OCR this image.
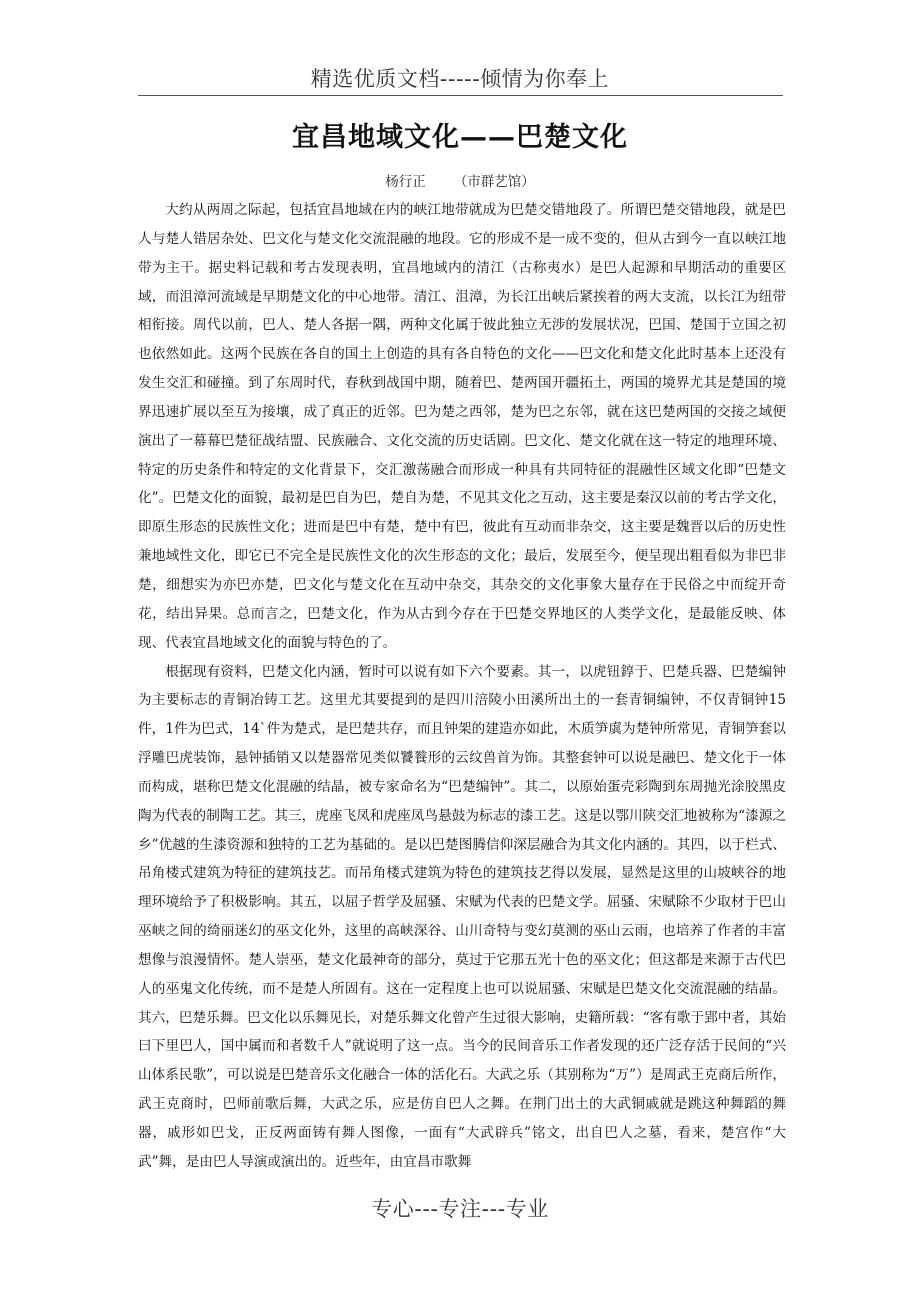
精选优质文档-----倾情为你奉上
宜昌地域文化——巴楚文化
杨行正 （市群艺馆）

大约从两周之际起，包括宜昌地域在内的峡江地带就成为巴楚交错地段了。所谓巴楚交错地段，就是巴人与楚人错居杂处、巴文化与楚文化交流混融的地段。它的形成不是一成不变的，但从古到今一直以峡江地带为主干。据史料记载和考古发现表明，宜昌地域内的清江（古称夷水）是巴人起源和早期活动的重要区域，而沮漳河流域是早期楚文化的中心地带。清江、沮漳，为长江出峡后紧挨着的两大支流，以长江为纽带相衔接。周代以前，巴人、楚人各据一隅，两种文化属于彼此独立无涉的发展状况，巴国、楚国于立国之初也依然如此。这两个民族在各自的国土上创造的具有各自特色的文化——巴文化和楚文化此时基本上还没有发生交汇和碰撞。到了东周时代，春秋到战国中期，随着巴、楚两国开疆拓土，两国的境界尤其是楚国的境界迅速扩展以至互为接壤，成了真正的近邻。巴为楚之西邻，楚为巴之东邻，就在这巴楚两国的交接之域便演出了一幕幕巴楚征战结盟、民族融合、文化交流的历史话剧。巴文化、楚文化就在这一特定的地理环境、特定的历史条件和特定的文化背景下，交汇激荡融合而形成一种具有共同特征的混融性区域文化即“巴楚文化”。巴楚文化的面貌，最初是巴自为巴，楚自为楚，不见其文化之互动，这主要是秦汉以前的考古学文化，即原生形态的民族性文化；进而是巴中有楚，楚中有巴，彼此有互动而非杂交，这主要是魏晋以后的历史性兼地域性文化，即它已不完全是民族性文化的次生形态的文化；最后，发展至今，便呈现出粗看似为非巴非楚，细想实为亦巴亦楚，巴文化与楚文化在互动中杂交，其杂交的文化事象大量存在于民俗之中而绽开奇花，结出异果。总而言之，巴楚文化，作为从古到今存在于巴楚交界地区的人类学文化，是最能反映、体现、代表宜昌地域文化的面貌与特色的了。

根据现有资料，巴楚文化内涵，暂时可以说有如下六个要素。其一，以虎钮錞于、巴楚兵器、巴楚编钟为主要标志的青铜冶铸工艺。这里尤其要提到的是四川涪陵小田溪所出土的一套青铜编钟，不仅青铜钟15件，1件为巴式，14`件为楚式，是巴楚共存，而且钟架的建造亦如此，木质笋虡为楚钟所常见，青铜笋套以浮雕巴虎装饰，悬钟插销又以楚器常见类似饕餮形的云纹兽首为饰。其整套钟可以说是融巴、楚文化于一体而构成，堪称巴楚文化混融的结晶，被专家命名为“巴楚编钟”。其二，以原始蛋壳彩陶到东周抛光涂胶黑皮陶为代表的制陶工艺。其三，虎座飞凤和虎座凤鸟悬鼓为标志的漆工艺。这是以鄂川陕交汇地被称为“漆源之乡”优越的生漆资源和独特的工艺为基础的。是以巴楚图腾信仰深层融合为其文化内涵的。其四，以于栏式、吊角楼式建筑为特征的建筑技艺。而吊角楼式建筑为特色的建筑技艺得以发展，显然是这里的山坡峡谷的地理环境给予了积极影响。其五，以屈子哲学及屈骚、宋赋为代表的巴楚文学。屈骚、宋赋除不少取材于巴山巫峡之间的绮丽迷幻的巫文化外，这里的高峡深谷、山川奇特与变幻莫测的巫山云雨，也培养了作者的丰富想像与浪漫情怀。楚人崇巫，楚文化最神奇的部分，莫过于它那五光十色的巫文化；但这都是来源于古代巴人的巫鬼文化传统，而不是楚人所固有。这在一定程度上也可以说屈骚、宋赋是巴楚文化交流混融的结晶。其六，巴楚乐舞。巴文化以乐舞见长，对楚乐舞文化曾产生过很大影响，史籍所载：“客有歌于郢中者，其始曰下里巴人，国中属而和者数千人”就说明了这一点。当今的民间音乐工作者发现的还广泛存活于民间的“兴山体系民歌”，可以说是巴楚音乐文化融合一体的活化石。大武之乐（其别称为“万”）是周武王克商后所作，武王克商时，巴师前歌后舞，大武之乐，应是仿自巴人之舞。在荆门出土的大武铜戚就是跳这种舞蹈的舞器，戚形如巴戈，正反两面铸有舞人图像，一面有“大武辟兵”铭文，出自巴人之墓，看来，楚宫作“大武”舞，是由巴人导演或演出的。近些年，由宜昌市歌舞

专心---专注---专业
